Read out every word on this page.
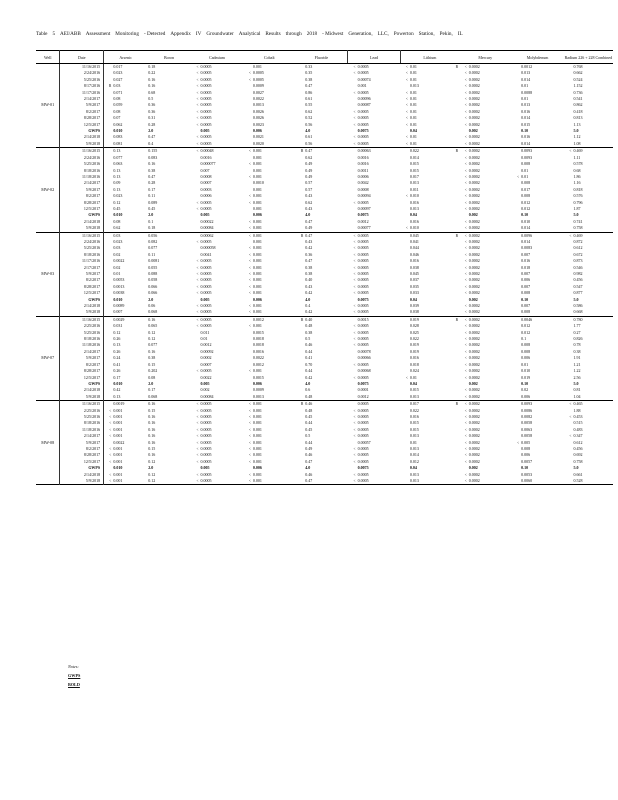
Table 5 AEI/ABB Assessment Monitoring - Detected Appendix IV Groundwater Analytical Results through 2018 - Midwest Generation, LLC, Powerton Station, Pekin, IL
Well	Date	Arsenic		Boron	Cadmium		Cobalt		Fluoride		Lead		Lithium			Mercury		Molybdenum		Radium 226 + 228 Combined	
MW-01	11/16/2015		0.017	0.18	<	0.0005		0.001		0.33	<	0.0005	<	0.01	B	<	0.0002		0.0012		0.768
	2/24/2016		0.023	0.22	<	0.0005	<	0.0005		0.35	<	0.0005	<	0.01		<	0.0002		0.013		0.662
	5/25/2016		0.027	0.16	<	0.0005	<	0.0005		0.38		0.00074	<	0.01		<	0.0002		0.014		0.524
	8/17/2016	R	0.03	0.16	<	0.0005		0.0009		0.47		0.001		0.013		<	0.0002		0.01		1.152
	11/17/2016		0.071	0.68	<	0.0005		0.0027		0.86	<	0.0005	<	0.01		<	0.0002		0.0088		0.736
	2/14/2017		0.08	0.5	<	0.0005		0.0022		0.61		0.00096	<	0.01		<	0.0002		0.01		0.541
	5/9/2017		0.059	0.36	<	0.0005		0.0013		0.55		0.00087	<	0.01		<	0.0002		0.013		0.862
	8/2/2017		0.08	0.36	<	0.0005		0.0026		0.62	<	0.0005	<	0.01		<	0.0002		0.016		0.418
	8/28/2017		0.07	0.31	<	0.0005		0.0026		0.52	<	0.0005	<	0.01		<	0.0002		0.014		0.813
	12/5/2017		0.062	0.28	<	0.0005		0.0023		0.56	<	0.0005	<	0.01		<	0.0002		0.015		1.13
	GWPS		0.010	2.0		0.005		0.006		4.0		0.0075		0.04			0.002		0.10		5.0
	2/14/2018		0.083	0.47	<	0.0005		0.0021		0.61	<	0.0005	<	0.01		<	0.0002		0.016		1.12
	5/9/2018		0.081	0.4	<	0.0005		0.0020		0.56	<	0.0005	<	0.01		<	0.0002		0.014		1.08
MW-02	11/16/2015		0.13	0.155	<	0.00048	<	0.001	B	0.47		0.00063		0.022	B	<	0.0002		0.0093	<	0.469
	2/24/2016		0.077	0.083		0.0016		0.001		0.62		0.0016		0.014		<	0.0002		0.0093		1.11
	5/25/2016		0.063	0.16		0.000077	<	0.001		0.49		0.0016		0.015		<	0.0002		0.008		0.578
	8/18/2016		0.13	0.38		0.007		0.001		0.49		0.0011		0.015		<	0.0002		0.01		0.68
	11/18/2016		0.13	0.47		0.0008	<	0.001		0.49		0.0006		0.017		<	0.0002	<	0.01		1.86
	2/14/2017		0.09	0.28		0.0007		0.0010		0.57		0.0042		0.013		<	0.0002		0.008		1.16
	5/9/2017		0.13	0.17		0.0003		0.001		0.57		0.0008		0.011		<	0.0002		0.017		0.818
	8/2/2017		0.023	0.11		0.0006	<	0.001		0.43		0.00094	<	0.010		<	0.0002		0.008		0.576
	8/28/2017		0.12	0.089	<	0.0005	<	0.001		0.62	<	0.0005		0.016		<	0.0002		0.012		0.796
	12/5/2017		0.45	0.45	<	0.0005		0.001		0.43		0.00097		0.013		<	0.0002		0.012		1.87
	GWPS		0.010	2.0		0.005		0.006		4.0		0.0075		0.04			0.002		0.10		5.0
	2/14/2018		0.08	0.1		0.00022	<	0.001		0.47		0.0012		0.016		<	0.0002		0.010		0.741
	5/9/2018		0.62	0.18		0.00084	<	0.001		0.49		0.00077	<	0.010		<	0.0002		0.014		0.758
MW-03	11/16/2015		0.03	0.056		0.00062	<	0.001	B	0.47	<	0.0005		0.045	B	<	0.0002		0.0096	<	0.469
	2/24/2016		0.023	0.082	<	0.0005		0.001		0.43	<	0.0005		0.041		<	0.0002		0.014		0.872
	5/25/2016		0.03	0.077		0.000058	<	0.001		0.42	<	0.0005		0.044		<	0.0002		0.0083		0.612
	8/18/2016		0.02	0.11		0.0041	<	0.001		0.36	<	0.0005		0.046		<	0.0002		0.007		0.672
	11/17/2016		0.0022	0.0081	<	0.0005	<	0.001		0.47	<	0.0005		0.016		<	0.0002		0.016		0.873
	2/17/2017		0.02	0.055	<	0.0005	<	0.001		0.38	<	0.0005		0.038		<	0.0002		0.018		0.546
	5/9/2017		0.01	0.088	<	0.0005	<	0.001		0.38	<	0.0005		0.045		<	0.0002		0.007		0.982
	8/2/2017		0.0053	0.058	<	0.0005	<	0.001		0.40	<	0.0005		0.037		<	0.0002		0.006		0.456
	8/28/2017		0.0013	0.066	<	0.0005	<	0.001		0.43	<	0.0005		0.035		<	0.0002		0.007		0.547
	12/5/2017		0.0038	0.066	<	0.0005	<	0.001		0.42	<	0.0005		0.033		<	0.0002		0.008		0.877
	GWPS		0.010	2.0		0.005		0.006		4.0		0.0075		0.04			0.002		0.10		5.0
	2/14/2018		0.0089	0.06	<	0.0005	<	0.001		0.4	<	0.0005		0.039		<	0.0002		0.007		0.586
	5/9/2018		0.007	0.068	<	0.0005	<	0.001		0.42	<	0.0005		0.038		<	0.0002		0.008		0.668
MW-07	11/16/2015		0.0029	0.16	<	0.0005		0.0012	B	0.40		0.0015		0.019	B	<	0.0002		0.0046		0.780
	2/25/2016		0.031	0.065	<	0.0005	<	0.001		0.48	<	0.0005		0.028		<	0.0002		0.012		1.77
	5/25/2016		0.12	0.12		0.011		0.0015		0.38	<	0.0005		0.025		<	0.0002		0.012		0.27
	8/18/2016		0.26	0.12		0.01		0.0018		0.5	<	0.0005		0.022		<	0.0002		0.1		0.826
	11/18/2016		0.13	0.077		0.0012		0.0018		0.46	<	0.0005		0.019		<	0.0002		0.008		0.78
	2/14/2017		0.26	0.16		0.00092		0.0016		0.44		0.00078		0.019		<	0.0002		0.008		0.38
	5/9/2017		0.24	0.38		0.0002		0.0022		0.41		0.00066		0.016		<	0.0002		0.006		1.91
	8/2/2017		0.41	0.15		0.0007		0.0012		0.70	<	0.0005		0.018		<	0.0002		0.01		1.21
	8/28/2017		0.26	0.202	<	0.0005	<	0.001		0.44		0.00068		0.024		<	0.0002		0.010		1.22
	12/5/2017		0.17	0.08		0.0022		0.0015		0.42	<	0.0005	<	0.01		<	0.0002		0.019		2.56
	GWPS		0.010	2.0		0.005		0.006		4.0		0.0075		0.04			0.002		0.10		5.0
	2/14/2018		0.42	0.17		0.002		0.0009		0.6		0.0001		0.015		<	0.0002		0.02		0.81
	5/9/2018		0.13	0.068		0.00084		0.0013		0.48		0.0012		0.013		<	0.0002		0.006		1.04
MW-08	11/16/2015		0.0019	0.16	<	0.0005	<	0.001	B	0.46		0.0005		0.017	B	<	0.0002		0.0093	<	0.465
	2/25/2016	<	0.001	0.15	<	0.0005	<	0.001		0.48	<	0.0005		0.022		<	0.0002		0.0086		1.88
	5/25/2016	<	0.001	0.16	<	0.0005	<	0.001		0.45	<	0.0005		0.016		<	0.0002		0.0082	<	0.453
	8/18/2016	<	0.001	0.16	<	0.0005	<	0.001		0.44	<	0.0005		0.015		<	0.0002		0.0058		0.515
	11/18/2016	<	0.001	0.16	<	0.0005	<	0.001		0.45	<	0.0005		0.015		<	0.0002		0.0063		0.483
	2/14/2017	<	0.001	0.16	<	0.0005	<	0.001		0.5	<	0.0005		0.013		<	0.0002		0.0058	<	0.347
	5/9/2017		0.0022	0.16	<	0.0005	<	0.001		0.44		0.00057		0.01		<	0.0002	<	0.005		0.612
	8/2/2017	<	0.001	0.15	<	0.0005	<	0.001		0.49	<	0.0005		0.013		<	0.0002		0.008		0.456
	8/28/2017	<	0.001	0.16	<	0.0005	<	0.001		0.46	<	0.0005		0.014		<	0.0002		0.006		0.692
	12/5/2017	<	0.001	0.12	<	0.0005	<	0.001		0.47	<	0.0005		0.012		<	0.0002		0.0057		0.758
	GWPS		0.010	2.0		0.005		0.006		4.0		0.0075		0.04			0.002		0.10		5.0
	2/14/2018	<	0.001	0.12	<	0.0005	<	0.001		0.46	<	0.0005		0.013		<	0.0002		0.0053		0.661
	5/9/2018	<	0.001	0.12	<	0.0005	<	0.001		0.47	<	0.0005		0.013		<	0.0002		0.0060		0.528
Notes:
GWPS
BOLD
